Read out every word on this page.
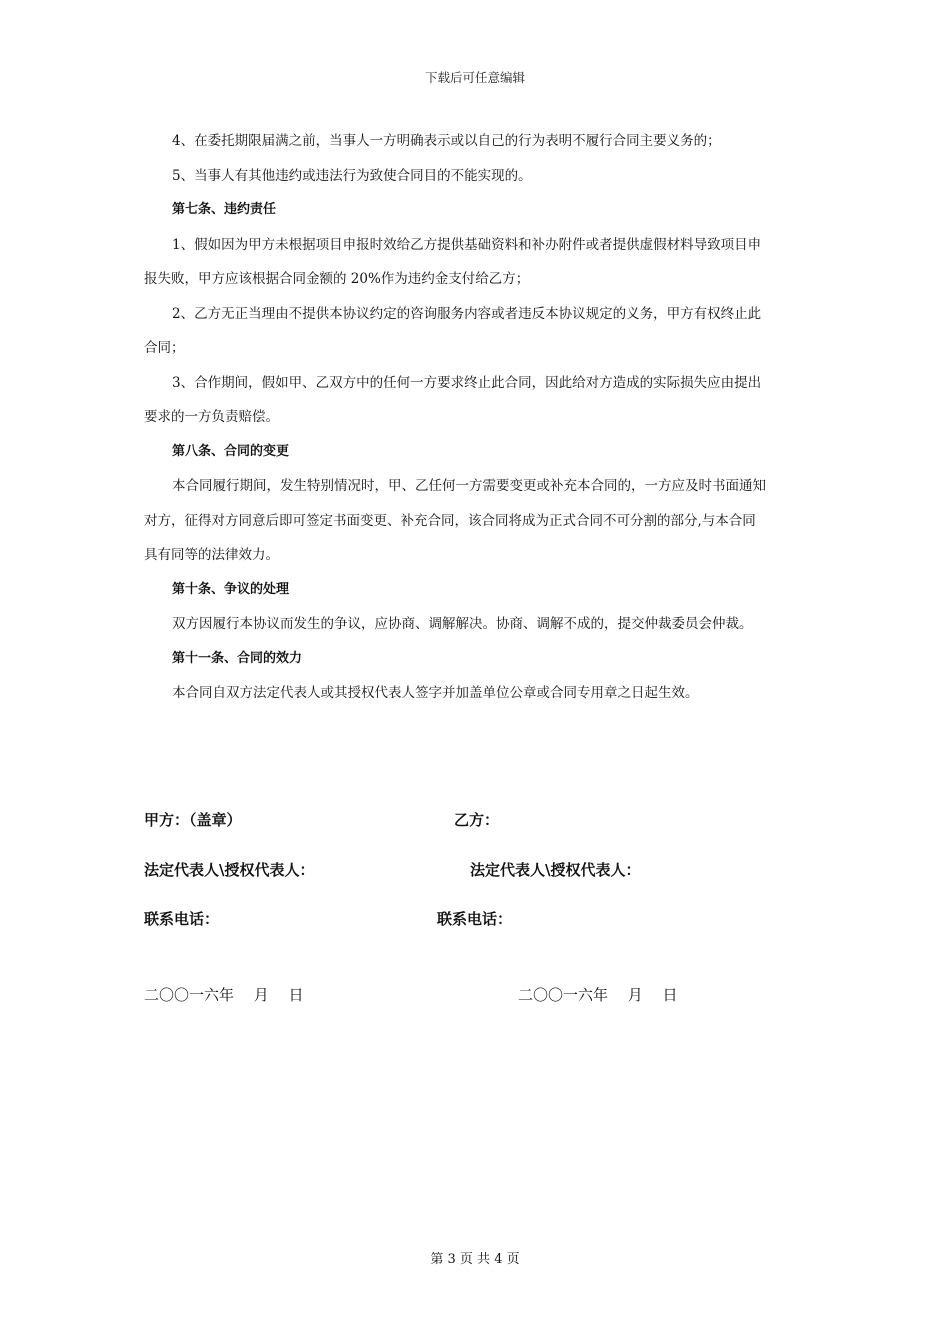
下载后可任意编辑

4、在委托期限届满之前，当事人一方明确表示或以自己的行为表明不履行合同主要义务的；

5、当事人有其他违约或违法行为致使合同目的不能实现的。

第七条、违约责任

1、假如因为甲方未根据项目申报时效给乙方提供基础资料和补办附件或者提供虚假材料导致项目申

报失败，甲方应该根据合同金额的 20%作为违约金支付给乙方；

2、乙方无正当理由不提供本协议约定的咨询服务内容或者违反本协议规定的义务，甲方有权终止此

合同；

3、合作期间，假如甲、乙双方中的任何一方要求终止此合同，因此给对方造成的实际损失应由提出

要求的一方负责赔偿。

第八条、合同的变更

本合同履行期间，发生特别情况时，甲、乙任何一方需要变更或补充本合同的，一方应及时书面通知

对方，征得对方同意后即可签定书面变更、补充合同，该合同将成为正式合同不可分割的部分,与本合同

具有同等的法律效力。

第十条、争议的处理

双方因履行本协议而发生的争议，应协商、调解解决。协商、调解不成的，提交仲裁委员会仲裁。

第十一条、合同的效力

本合同自双方法定代表人或其授权代表人签字并加盖单位公章或合同专用章之日起生效。

甲方：（盖章）	乙方：
法定代表人\授权代表人：	法定代表人\授权代表人：
联系电话：	联系电话：
二〇〇一六年　 月　 日	二〇〇一六年　 月　 日
第 3 页 共 4 页
